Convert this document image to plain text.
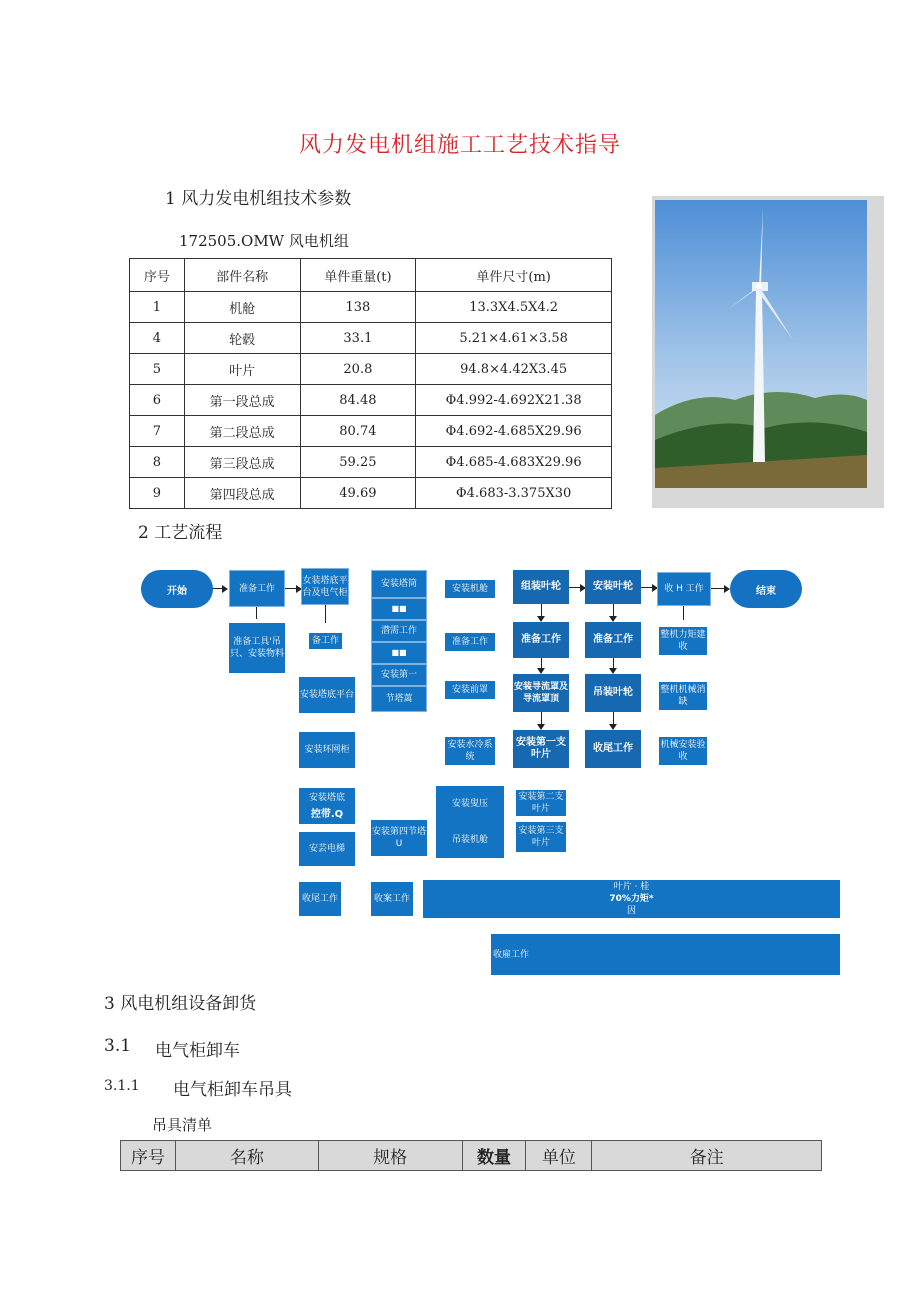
风力发电机组施工工艺技术指导
1 风力发电机组技术参数
172505.OMW 风电机组
序号	部件名称	单件重量(t)	单件尺寸(m)
1	机舱	138	13.3X4.5X4.2
4	轮毂	33.1	5.21×4.61×3.58
5	叶片	20.8	94.8×4.42X3.45
6	第一段总成	84.48	Φ4.992-4.692X21.38
7	第二段总成	80.74	Φ4.692-4.685X29.96
8	第三段总成	59.25	Φ4.685-4.683X29.96
9	第四段总成	49.69	Φ4.683-3.375X30
2 工艺流程
开始	准备工作
女装塔底平台及电气柜
准备工具'吊只、安装物料
备工作
安装塔底平台
安装环网柜
安装塔底
控带.Q
安芸电梯
收尾工作
安装塔筒
■■
潜需工作
■■
安装第一
节塔蓠
安装第四节塔 U
收案工作
安装机舱
准备工作
安装前罩
安装水冷系统
安装叟压
吊装机舱
组装叶轮
准备工作
安装导流罩及导流罩顶
安装第一支叶片
安装第二支叶片
安装第三支叶片
安装叶轮
准备工作
吊装叶轮
收尾工作
收 H 工作
整机力矩建收
整机机械消缺
机械安装验收
结束
叶片 · 桂
70%力矩*
因
收雇工作
3 风电机组设备卸货
3.1 电气柜卸车
3.1.1 电气柜卸车吊具
吊具清单
序号	名称	规格	数量	单位	备注
